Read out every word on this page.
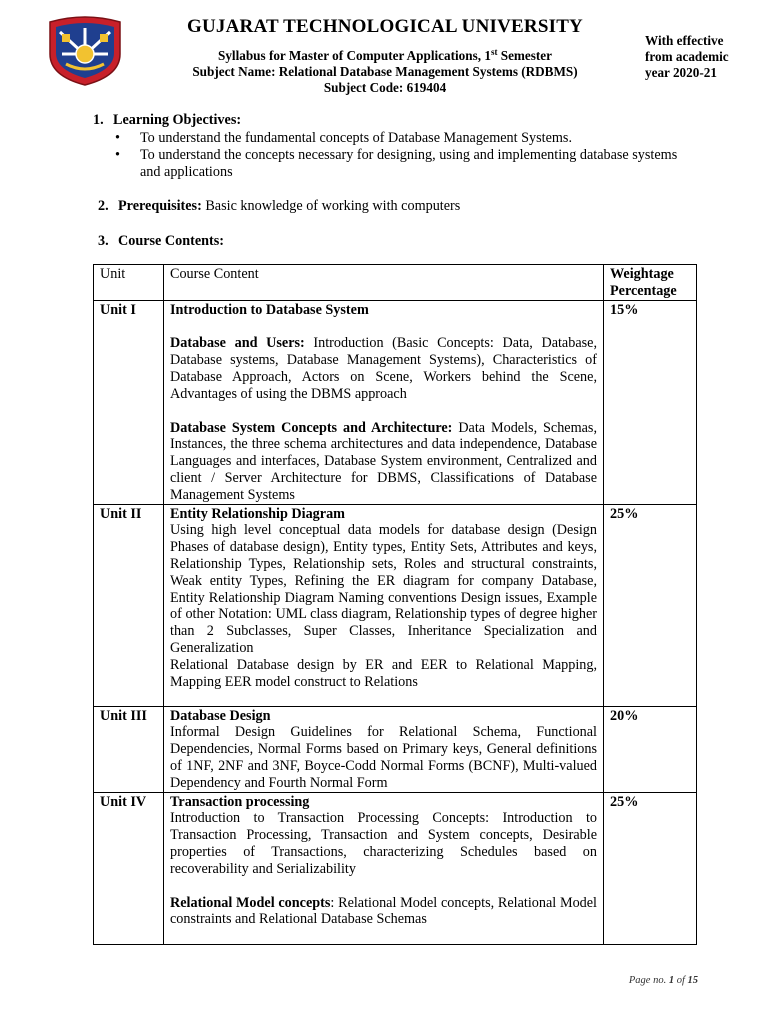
GUJARAT TECHNOLOGICAL UNIVERSITY
Syllabus for Master of Computer Applications, 1st Semester
Subject Name: Relational Database Management Systems (RDBMS)
Subject Code: 619404
With effective
from academic
year 2020-21
1. Learning Objectives:
• To understand the fundamental concepts of Database Management Systems.
• To understand the concepts necessary for designing, using and implementing database systems and applications
2. Prerequisites: Basic knowledge of working with computers
3. Course Contents:
Unit	Course Content	Weightage Percentage
Unit I	Introduction to Database System
Database and Users: Introduction (Basic Concepts: Data, Database, Database systems, Database Management Systems), Characteristics of Database Approach, Actors on Scene, Workers behind the Scene, Advantages of using the DBMS approach
Database System Concepts and Architecture: Data Models, Schemas, Instances, the three schema architectures and data independence, Database Languages and interfaces, Database System environment, Centralized and client / Server Architecture for DBMS, Classifications of Database Management Systems	15%
Unit II	Entity Relationship Diagram
Using high level conceptual data models for database design (Design Phases of database design), Entity types, Entity Sets, Attributes and keys, Relationship Types, Relationship sets, Roles and structural constraints, Weak entity Types, Refining the ER diagram for company Database, Entity Relationship Diagram Naming conventions Design issues, Example of other Notation: UML class diagram, Relationship types of degree higher than 2 Subclasses, Super Classes, Inheritance Specialization and Generalization
Relational Database design by ER and EER to Relational Mapping, Mapping EER model construct to Relations	25%
Unit III	Database Design
Informal Design Guidelines for Relational Schema, Functional Dependencies, Normal Forms based on Primary keys, General definitions of 1NF, 2NF and 3NF, Boyce-Codd Normal Forms (BCNF), Multi-valued Dependency and Fourth Normal Form	20%
Unit IV	Transaction processing
Introduction to Transaction Processing Concepts: Introduction to Transaction Processing, Transaction and System concepts, Desirable properties of Transactions, characterizing Schedules based on recoverability and Serializability
Relational Model concepts: Relational Model concepts, Relational Model constraints and Relational Database Schemas	25%
Page no. 1 of 15
